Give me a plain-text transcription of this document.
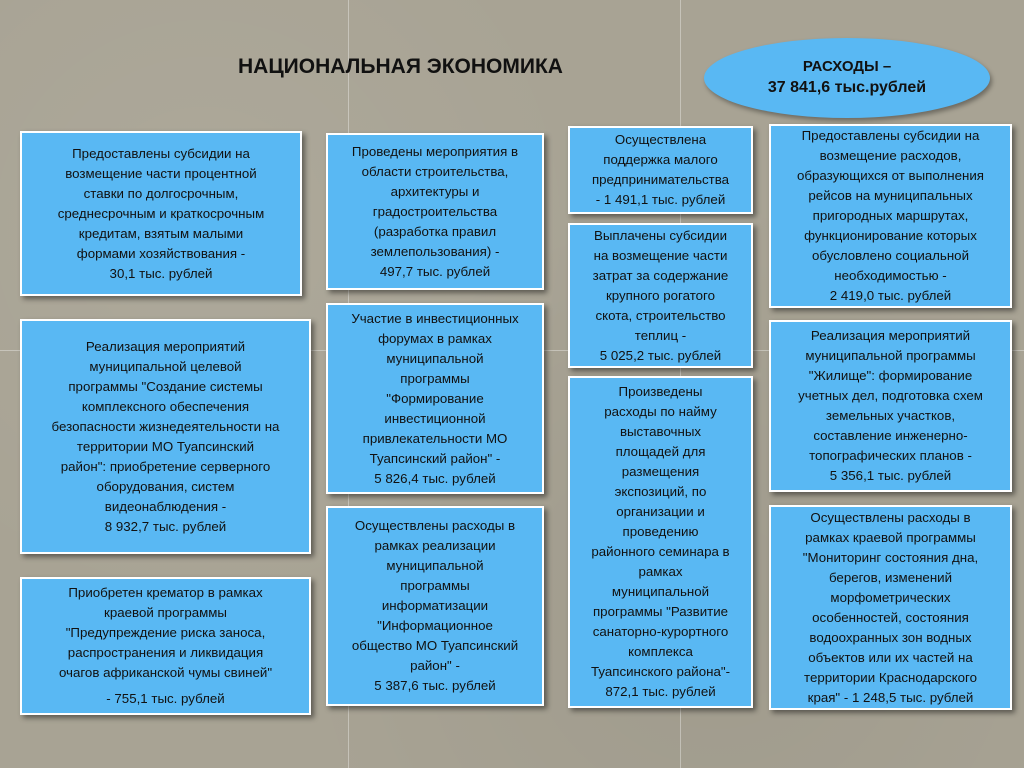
НАЦИОНАЛЬНАЯ ЭКОНОМИКА	РАСХОДЫ –
37 841,6 тыс.рублей
Предоставлены субсидии на
возмещение части процентной
ставки по долгосрочным,
среднесрочным и краткосрочным
кредитам, взятым малыми
формами хозяйствования -
30,1 тыс. рублей
Реализация мероприятий
муниципальной целевой
программы "Создание системы
комплексного обеспечения
безопасности жизнедеятельности на
территории МО Туапсинский
район": приобретение серверного
оборудования, систем
видеонаблюдения -
8 932,7 тыс. рублей
Приобретен крематор в рамках
краевой программы
"Предупреждение риска заноса,
распространения и ликвидация
очагов африканской чумы свиней"
- 755,1 тыс. рублей
Проведены мероприятия в
области строительства,
архитектуры и
градостроительства
(разработка правил
землепользования) -
497,7 тыс. рублей
Участие в инвестиционных
форумах в рамках
муниципальной
программы
"Формирование
инвестиционной
привлекательности МО
Туапсинский район" -
5 826,4 тыс. рублей
Осуществлены расходы в
рамках реализации
муниципальной
программы
информатизации
"Информационное
общество МО Туапсинский
район" -
5 387,6 тыс. рублей
Осуществлена
поддержка малого
предпринимательства
- 1 491,1 тыс. рублей
Выплачены субсидии
на возмещение части
затрат за содержание
крупного рогатого
скота, строительство
теплиц -
5 025,2 тыс. рублей
Произведены
расходы по найму
выставочных
площадей для
размещения
экспозиций, по
организации и
проведению
районного семинара в
рамках
муниципальной
программы "Развитие
санаторно-курортного
комплекса
Туапсинского района"-
872,1 тыс. рублей
Предоставлены субсидии на
возмещение расходов,
образующихся от выполнения
рейсов на муниципальных
пригородных маршрутах,
функционирование которых
обусловлено социальной
необходимостью -
2 419,0 тыс. рублей
Реализация мероприятий
муниципальной программы
"Жилище": формирование
учетных дел, подготовка схем
земельных участков,
составление инженерно-
топографических планов -
5 356,1 тыс. рублей
Осуществлены расходы в
рамках краевой программы
"Мониторинг состояния дна,
берегов, изменений
морфометрических
особенностей, состояния
водоохранных зон водных
объектов или их частей на
территории Краснодарского
края" - 1 248,5 тыс. рублей
